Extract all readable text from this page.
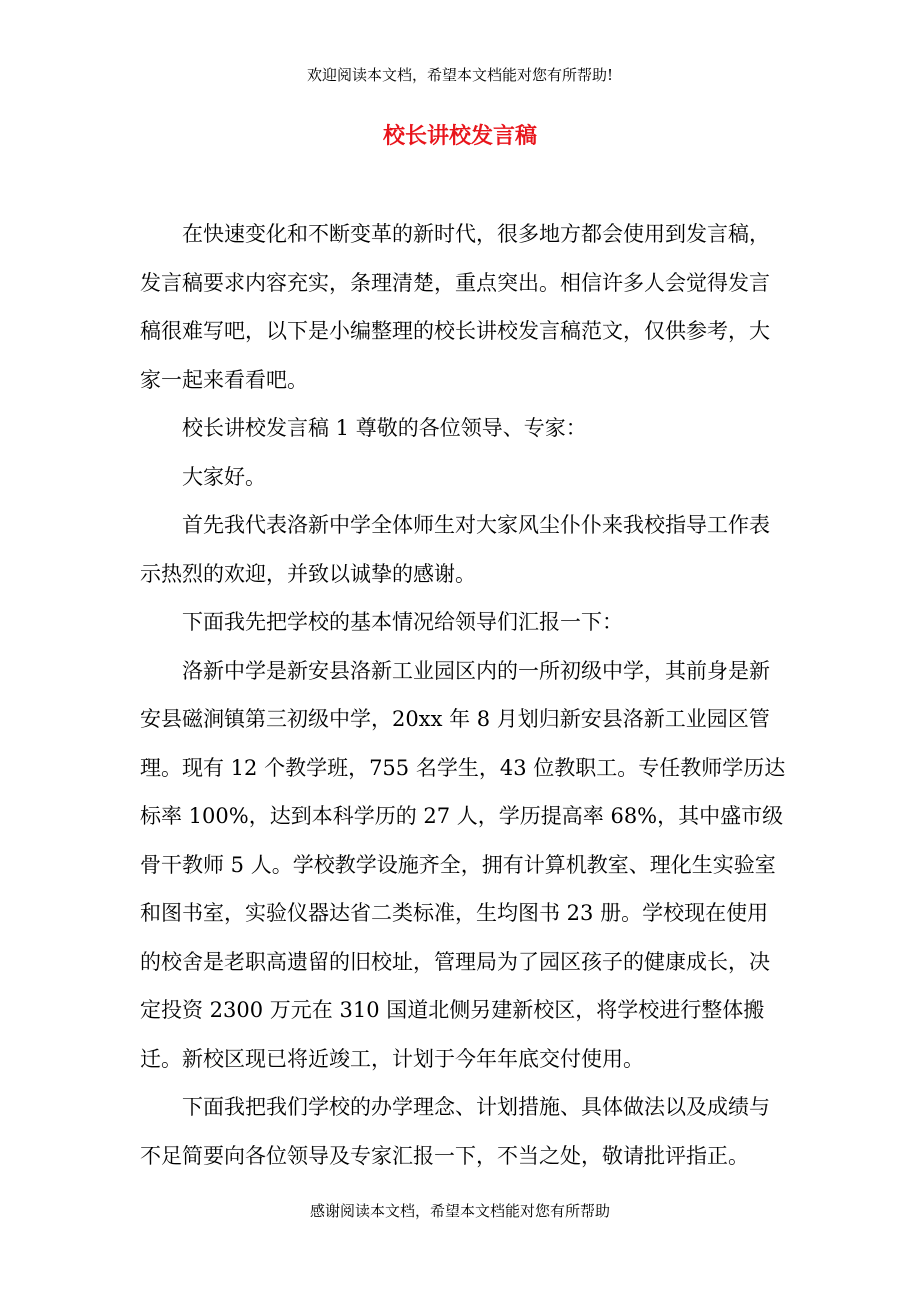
欢迎阅读本文档，希望本文档能对您有所帮助!
校长讲校发言稿

在快速变化和不断变革的新时代，很多地方都会使用到发言稿，发言稿要求内容充实，条理清楚，重点突出。相信许多人会觉得发言稿很难写吧，以下是小编整理的校长讲校发言稿范文，仅供参考，大家一起来看看吧。

校长讲校发言稿 1 尊敬的各位领导、专家：

大家好。

首先我代表洛新中学全体师生对大家风尘仆仆来我校指导工作表示热烈的欢迎，并致以诚挚的感谢。

下面我先把学校的基本情况给领导们汇报一下：

洛新中学是新安县洛新工业园区内的一所初级中学，其前身是新安县磁涧镇第三初级中学，20xx 年 8 月划归新安县洛新工业园区管理。现有 12 个教学班，755 名学生，43 位教职工。专任教师学历达标率 100%，达到本科学历的 27 人，学历提高率 68%，其中盛市级骨干教师 5 人。学校教学设施齐全，拥有计算机教室、理化生实验室和图书室，实验仪器达省二类标准，生均图书 23 册。学校现在使用的校舍是老职高遗留的旧校址，管理局为了园区孩子的健康成长，决定投资 2300 万元在 310 国道北侧另建新校区，将学校进行整体搬迁。新校区现已将近竣工，计划于今年年底交付使用。

下面我把我们学校的办学理念、计划措施、具体做法以及成绩与不足简要向各位领导及专家汇报一下，不当之处，敬请批评指正。

感谢阅读本文档，希望本文档能对您有所帮助
